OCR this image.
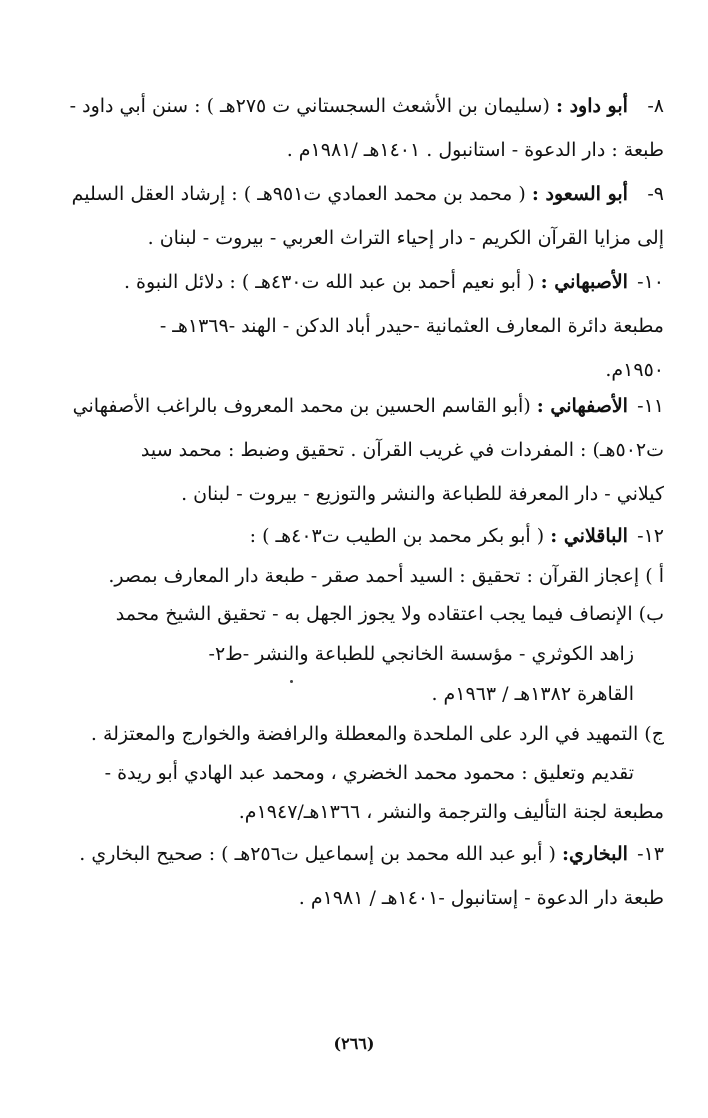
٨- أبو داود : (سليمان بن الأشعث السجستاني ت ٢٧٥هـ ) : سنن أبي داود -
طبعة : دار الدعوة - استانبول . ١٤٠١هـ /١٩٨١م .
٩- أبو السعود : ( محمد بن محمد العمادي ت٩٥١هـ ) : إرشاد العقل السليم
إلى مزايا القرآن الكريم - دار إحياء التراث العربي - بيروت - لبنان .
١٠- الأصبهاني : ( أبو نعيم أحمد بن عبد الله ت٤٣٠هـ ) : دلائل النبوة .
مطبعة دائرة المعارف العثمانية -حيدر أباد الدكن - الهند -١٣٦٩هـ -
١٩٥٠م.
١١- الأصفهاني : (أبو القاسم الحسين بن محمد المعروف بالراغب الأصفهاني
ت٥٠٢هـ) : المفردات في غريب القرآن . تحقيق وضبط : محمد سيد
كيلاني - دار المعرفة للطباعة والنشر والتوزيع - بيروت - لبنان .
١٢- الباقلاني : ( أبو بكر محمد بن الطيب ت٤٠٣هـ ) :
أ ) إعجاز القرآن : تحقيق : السيد أحمد صقر - طبعة دار المعارف بمصر.
ب) الإنصاف فيما يجب اعتقاده ولا يجوز الجهل به - تحقيق الشيخ محمد
زاهد الكوثري - مؤسسة الخانجي للطباعة والنشر -ط٢-
القاهرة ١٣٨٢هـ / ١٩٦٣م .
ج) التمهيد في الرد على الملحدة والمعطلة والرافضة والخوارج والمعتزلة .
تقديم وتعليق : محمود محمد الخضري ، ومحمد عبد الهادي أبو ريدة -
مطبعة لجنة التأليف والترجمة والنشر ، ١٣٦٦هـ/١٩٤٧م.
١٣- البخاري: ( أبو عبد الله محمد بن إسماعيل ت٢٥٦هـ ) : صحيح البخاري .
طبعة دار الدعوة - إستانبول -١٤٠١هـ / ١٩٨١م .
(٢٦٦)
